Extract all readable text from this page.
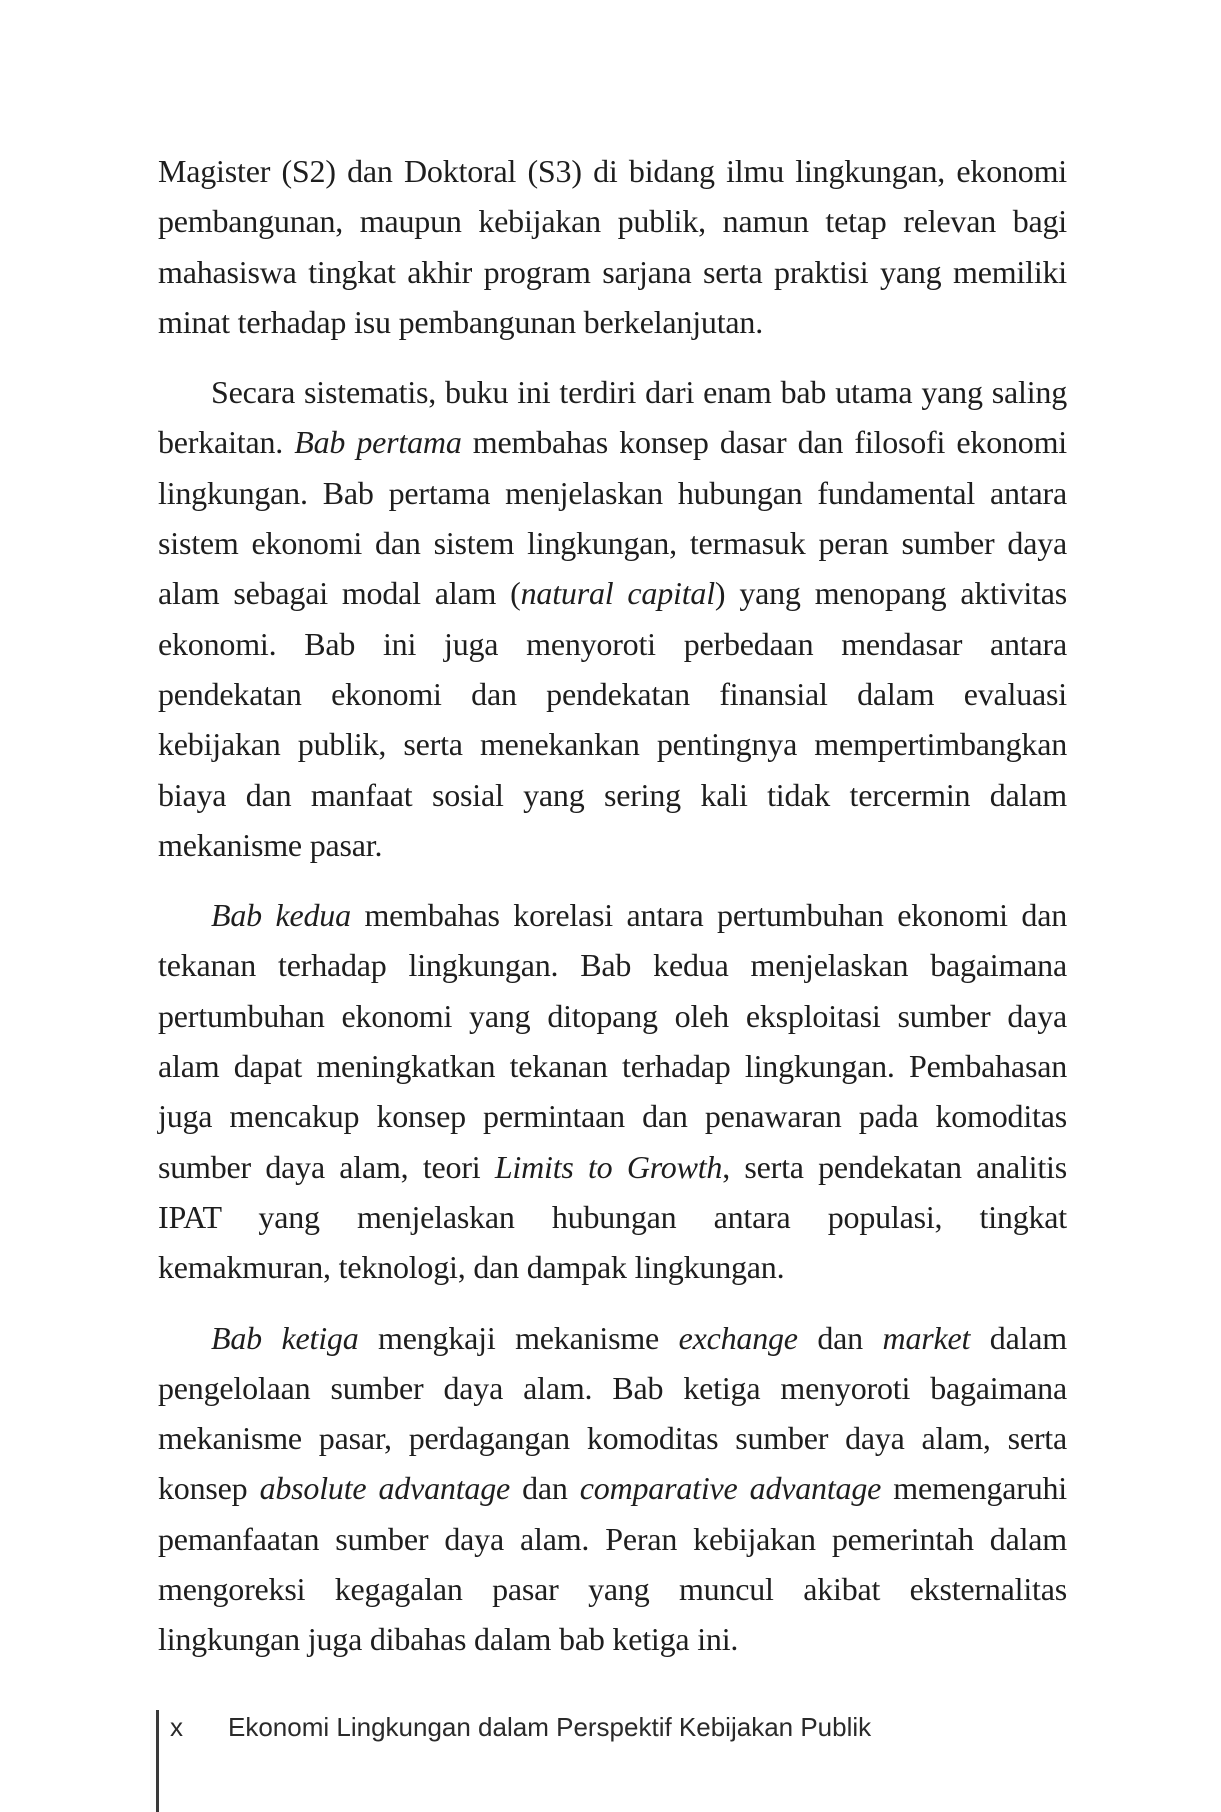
Magister (S2) dan Doktoral (S3) di bidang ilmu lingkungan, ekonomi pembangunan, maupun kebijakan publik, namun tetap relevan bagi mahasiswa tingkat akhir program sarjana serta praktisi yang memiliki minat terhadap isu pembangunan berkelanjutan.

Secara sistematis, buku ini terdiri dari enam bab utama yang saling berkaitan. Bab pertama membahas konsep dasar dan filosofi ekonomi lingkungan. Bab pertama menjelaskan hubungan fundamental antara sistem ekonomi dan sistem lingkungan, termasuk peran sumber daya alam sebagai modal alam (natural capital) yang menopang aktivitas ekonomi. Bab ini juga menyoroti perbedaan mendasar antara pendekatan ekonomi dan pendekatan finansial dalam evaluasi kebijakan publik, serta menekankan pentingnya mempertimbangkan biaya dan manfaat sosial yang sering kali tidak tercermin dalam mekanisme pasar.

Bab kedua membahas korelasi antara pertumbuhan ekonomi dan tekanan terhadap lingkungan. Bab kedua menjelaskan bagaimana pertumbuhan ekonomi yang ditopang oleh eksploitasi sumber daya alam dapat meningkatkan tekanan terhadap lingkungan. Pembahasan juga mencakup konsep permintaan dan penawaran pada komoditas sumber daya alam, teori Limits to Growth, serta pendekatan analitis IPAT yang menjelaskan hubungan antara populasi, tingkat kemakmuran, teknologi, dan dampak lingkungan.

Bab ketiga mengkaji mekanisme exchange dan market dalam pengelolaan sumber daya alam. Bab ketiga menyoroti bagaimana mekanisme pasar, perdagangan komoditas sumber daya alam, serta konsep absolute advantage dan comparative advantage memengaruhi pemanfaatan sumber daya alam. Peran kebijakan pemerintah dalam mengoreksi kegagalan pasar yang muncul akibat eksternalitas lingkungan juga dibahas dalam bab ketiga ini.

x Ekonomi Lingkungan dalam Perspektif Kebijakan Publik
